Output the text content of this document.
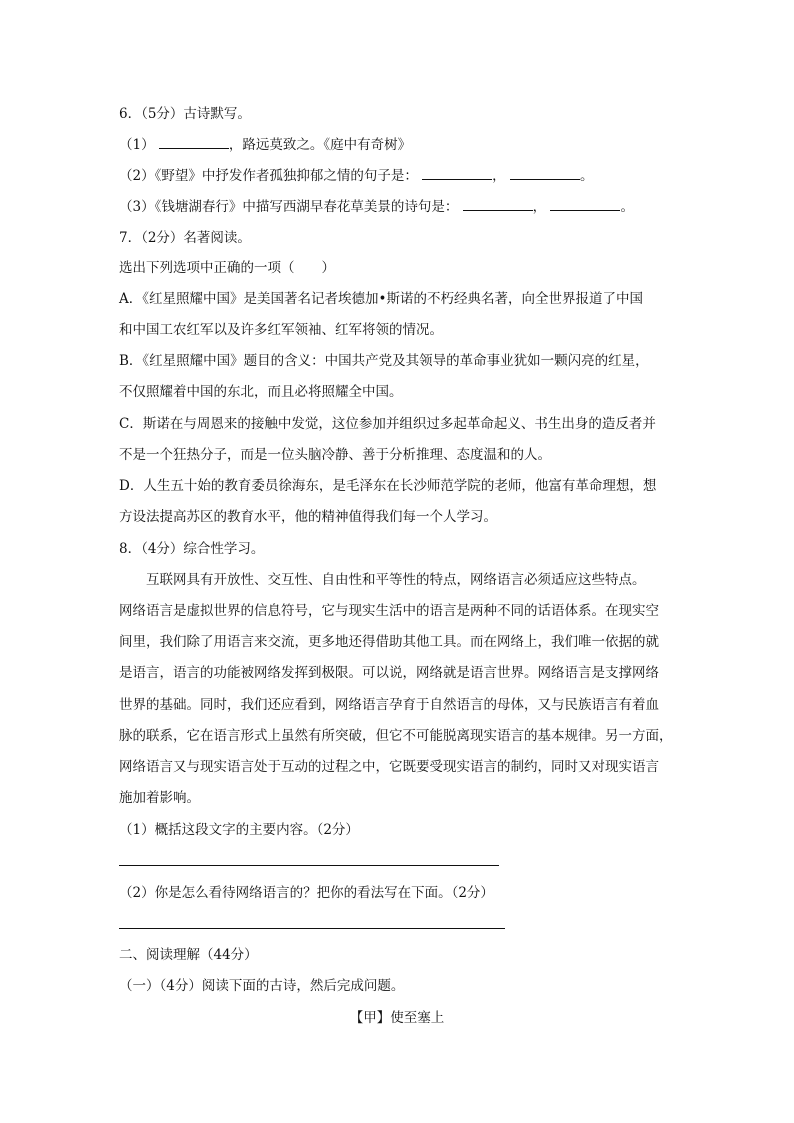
6．（5分）古诗默写。
（1）	，路远莫致之。《庭中有奇树》
（2）《野望》中抒发作者孤独抑郁之情的句子是：	，	。
（3）《钱塘湖春行》中描写西湖早春花草美景的诗句是：	，	。
7．（2分）名著阅读。
选出下列选项中正确的一项（　　）
A．《红星照耀中国》是美国著名记者埃德加•斯诺的不朽经典名著，向全世界报道了中国
和中国工农红军以及许多红军领袖、红军将领的情况。
B．《红星照耀中国》题目的含义：中国共产党及其领导的革命事业犹如一颗闪亮的红星，
不仅照耀着中国的东北，而且必将照耀全中国。
C．斯诺在与周恩来的接触中发觉，这位参加并组织过多起革命起义、书生出身的造反者并
不是一个狂热分子，而是一位头脑冷静、善于分析推理、态度温和的人。
D．人生五十始的教育委员徐海东，是毛泽东在长沙师范学院的老师，他富有革命理想，想
方设法提高苏区的教育水平，他的精神值得我们每一个人学习。
8．（4分）综合性学习。
　　互联网具有开放性、交互性、自由性和平等性的特点，网络语言必须适应这些特点。
网络语言是虚拟世界的信息符号，它与现实生活中的语言是两种不同的话语体系。在现实空
间里，我们除了用语言来交流，更多地还得借助其他工具。而在网络上，我们唯一依据的就
是语言，语言的功能被网络发挥到极限。可以说，网络就是语言世界。网络语言是支撑网络
世界的基础。同时，我们还应看到，网络语言孕育于自然语言的母体，又与民族语言有着血
脉的联系，它在语言形式上虽然有所突破，但它不可能脱离现实语言的基本规律。另一方面，
网络语言又与现实语言处于互动的过程之中，它既要受现实语言的制约，同时又对现实语言
施加着影响。
（1）概括这段文字的主要内容。（2分）
（2）你是怎么看待网络语言的？把你的看法写在下面。（2分）
二、阅读理解（44分）
（一）（4分）阅读下面的古诗，然后完成问题。
【甲】使至塞上
